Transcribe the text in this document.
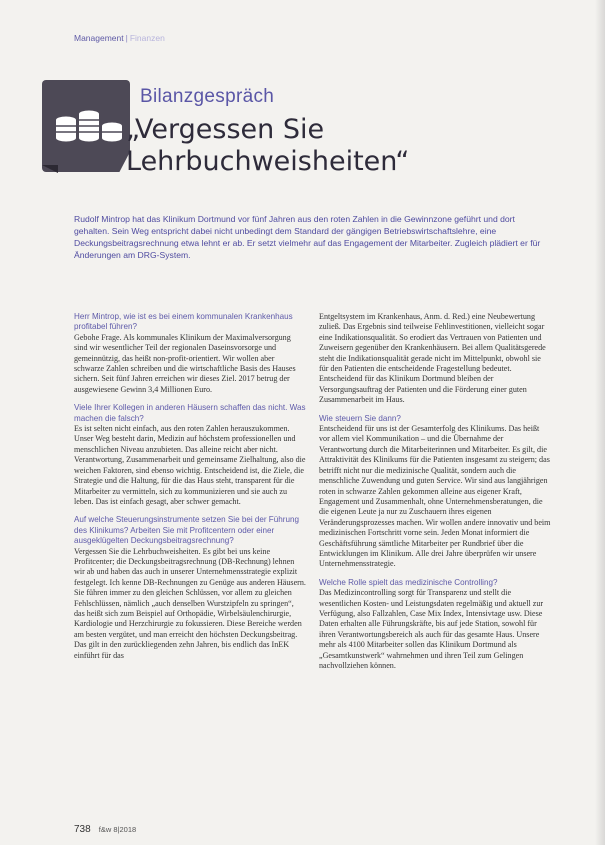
Management | Finanzen
Bilanzgespräch
„Vergessen Sie Lehrbuchweisheiten“
Rudolf Mintrop hat das Klinikum Dortmund vor fünf Jahren aus den roten Zahlen in die Gewinnzone geführt und dort gehalten. Sein Weg entspricht dabei nicht unbedingt dem Standard der gängigen Betriebswirtschaftslehre, eine Deckungsbeitragsrechnung etwa lehnt er ab. Er setzt vielmehr auf das Engagement der Mitarbeiter. Zugleich plädiert er für Änderungen am DRG-System.

Herr Mintrop, wie ist es bei einem kommunalen Krankenhaus profitabel führen?

Gebohe Frage. Als kommunales Klinikum der Maximalversorgung sind wir wesentlicher Teil der regionalen Daseinsvorsorge und gemeinnützig, das heißt non-profit-orientiert. Wir wollen aber schwarze Zahlen schreiben und die wirtschaftliche Basis des Hauses sichern. Seit fünf Jahren erreichen wir dieses Ziel. 2017 betrug der ausgewiesene Gewinn 3,4 Millionen Euro.

Viele Ihrer Kollegen in anderen Häusern schaffen das nicht. Was machen die falsch?

Es ist selten nicht einfach, aus den roten Zahlen herauszukommen. Unser Weg besteht darin, Medizin auf höchstem professionellen und menschlichen Niveau anzubieten. Das alleine reicht aber nicht. Verantwortung, Zusammenarbeit und gemeinsame Zielhaltung, also die weichen Faktoren, sind ebenso wichtig. Entscheidend ist, die Ziele, die Strategie und die Haltung, für die das Haus steht, transparent für die Mitarbeiter zu vermitteln, sich zu kommunizieren und sie auch zu leben. Das ist einfach gesagt, aber schwer gemacht.

Auf welche Steuerungsinstrumente setzen Sie bei der Führung des Klinikums? Arbeiten Sie mit Profitcentern oder einer ausgeklügelten Deckungsbeitragsrechnung?

Vergessen Sie die Lehrbuchweisheiten. Es gibt bei uns keine Profitcenter; die Deckungsbeitragsrechnung (DB-Rechnung) lehnen wir ab und haben das auch in unserer Unternehmensstrategie explizit festgelegt. Ich kenne DB-Rechnungen zu Genüge aus anderen Häusern. Sie führen immer zu den gleichen Schlüssen, vor allem zu gleichen Fehlschlüssen, nämlich „auch denselben Wurstzipfeln zu springen“, das heißt sich zum Beispiel auf Orthopädie, Wirbelsäulenchirurgie, Kardiologie und Herzchirurgie zu fokussieren. Diese Bereiche werden am besten vergütet, und man erreicht den höchsten Deckungsbeitrag. Das gilt in den zurückliegenden zehn Jahren, bis endlich das InEK einführt für das

Entgeltsystem im Krankenhaus, Anm. d. Red.) eine Neubewertung zuließ. Das Ergebnis sind teilweise Fehlinvestitionen, vielleicht sogar eine Indikationsqualität. So erodiert das Vertrauen von Patienten und Zuweisern gegenüber den Krankenhäusern. Bei allem Qualitätsgerede steht die Indikationsqualität gerade nicht im Mittelpunkt, obwohl sie für den Patienten die entscheidende Fragestellung bedeutet. Entscheidend für das Klinikum Dortmund bleiben der Versorgungsauftrag der Patienten und die Förderung einer guten Zusammenarbeit im Haus.

Wie steuern Sie dann?

Entscheidend für uns ist der Gesamterfolg des Klinikums. Das heißt vor allem viel Kommunikation – und die Übernahme der Verantwortung durch die Mitarbeiterinnen und Mitarbeiter. Es gilt, die Attraktivität des Klinikums für die Patienten insgesamt zu steigern; das betrifft nicht nur die medizinische Qualität, sondern auch die menschliche Zuwendung und guten Service. Wir sind aus langjährigen roten in schwarze Zahlen gekommen alleine aus eigener Kraft, Engagement und Zusammenhalt, ohne Unternehmensberatungen, die die eigenen Leute ja nur zu Zuschauern ihres eigenen Veränderungsprozesses machen. Wir wollen andere innovativ und beim medizinischen Fortschritt vorne sein. Jeden Monat informiert die Geschäftsführung sämtliche Mitarbeiter per Rundbrief über die Entwicklungen im Klinikum. Alle drei Jahre überprüfen wir unsere Unternehmensstrategie.

Welche Rolle spielt das medizinische Controlling?

Das Medizincontrolling sorgt für Transparenz und stellt die wesentlichen Kosten- und Leistungsdaten regelmäßig und aktuell zur Verfügung, also Fallzahlen, Case Mix Index, Intensivtage usw. Diese Daten erhalten alle Führungskräfte, bis auf jede Station, sowohl für ihren Verantwortungsbereich als auch für das gesamte Haus. Unsere mehr als 4100 Mitarbeiter sollen das Klinikum Dortmund als „Gesamtkunstwerk“ wahrnehmen und ihren Teil zum Gelingen nachvollziehen können.

738 f&w 8|2018
